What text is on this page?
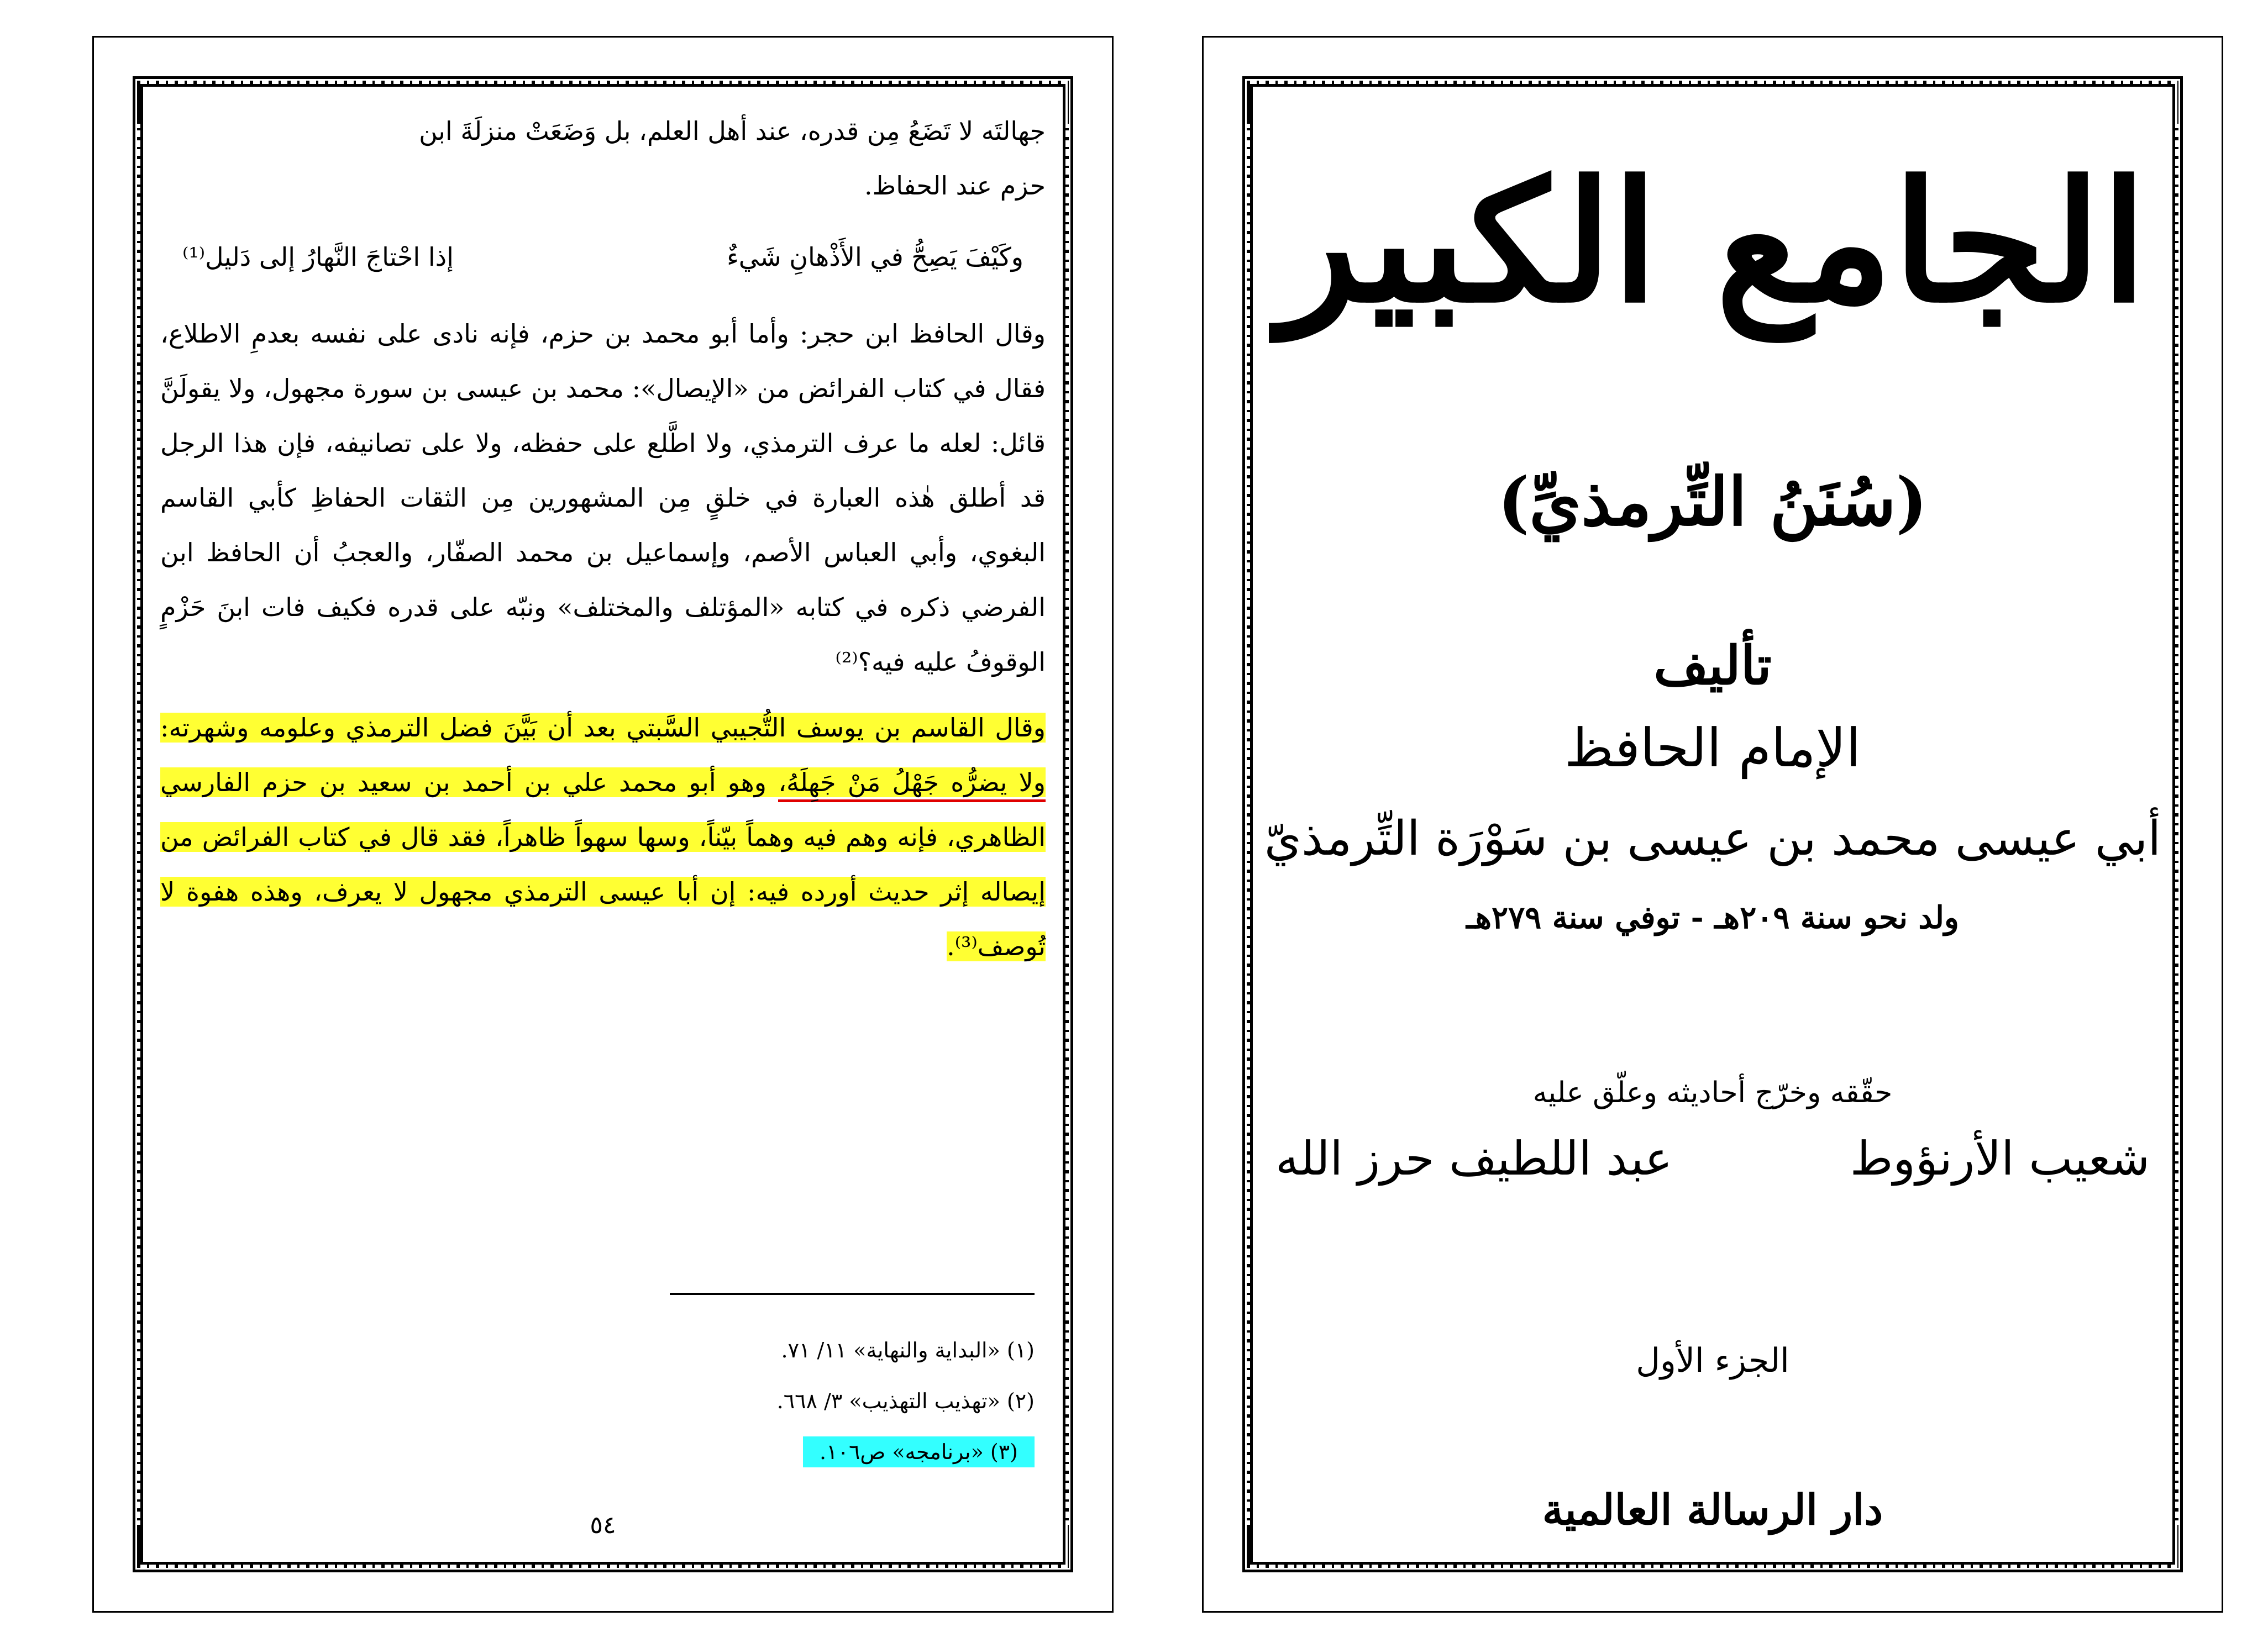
جهالتَه لا تَضَعُ مِن قدره، عند أهل العلم، بل وَضَعَتْ منزلَةَ ابن

حزم عند الحفاظ.

وكَيْفَ يَصِحُّ في الأَذْهانِ شَيءٌ
إذا احْتاجَ النَّهارُ إلى دَليل⁽¹⁾

وقال الحافظ ابن حجر: وأما أبو محمد بن حزم، فإنه نادى على نفسه بعدمِ الاطلاع، فقال في كتاب الفرائض من «الإيصال»: محمد بن عيسى بن سورة مجهول، ولا يقولَنَّ قائل: لعله ما عرف الترمذي، ولا اطَّلع على حفظه، ولا على تصانيفه، فإن هذا الرجل قد أطلق هٰذه العبارة في خلقٍ مِن المشهورين مِن الثقات الحفاظِ كأبي القاسم البغوي، وأبي العباس الأصم، وإسماعيل بن محمد الصفّار، والعجبُ أن الحافظ ابن الفرضي ذكره في كتابه «المؤتلف والمختلف» ونبّه على قدره فكيف فات ابنَ حَزْمٍ الوقوفُ عليه فيه؟⁽²⁾

وقال القاسم بن يوسف التُّجيبي السَّبتي بعد أن بَيَّنَ فضل الترمذي وعلومه وشهرته: ولا يضرُّه جَهْلُ مَنْ جَهِلَهُ، وهو أبو محمد علي بن أحمد بن سعيد بن حزم الفارسي الظاهري، فإنه وهم فيه وهماً بيّناً، وسها سهواً ظاهراً، فقد قال في كتاب الفرائض من إيصاله إثر حديث أورده فيه: إن أبا عيسى الترمذي مجهول لا يعرف، وهذه هفوة لا تُوصف⁽³⁾.

(١) «البداية والنهاية» ١١/ ٧١.
(٢) «تهذيب التهذيب» ٣/ ٦٦٨.
(٣) «برنامجه» ص١٠٦.
٥٤
الجامع الكبير
(سُنَنُ التِّرمذيِّ)
تأليف
الإمام الحافظ
أبي عيسى محمد بن عيسى بن سَوْرَة التِّرمذيّ
ولد نحو سنة ٢٠٩هـ - توفي سنة ٢٧٩هـ
حقّقه وخرّج أحاديثه وعلّق عليه
شعيب الأرنؤوط
عبد اللطيف حرز الله
الجزء الأول
دار الرسالة العالمية
